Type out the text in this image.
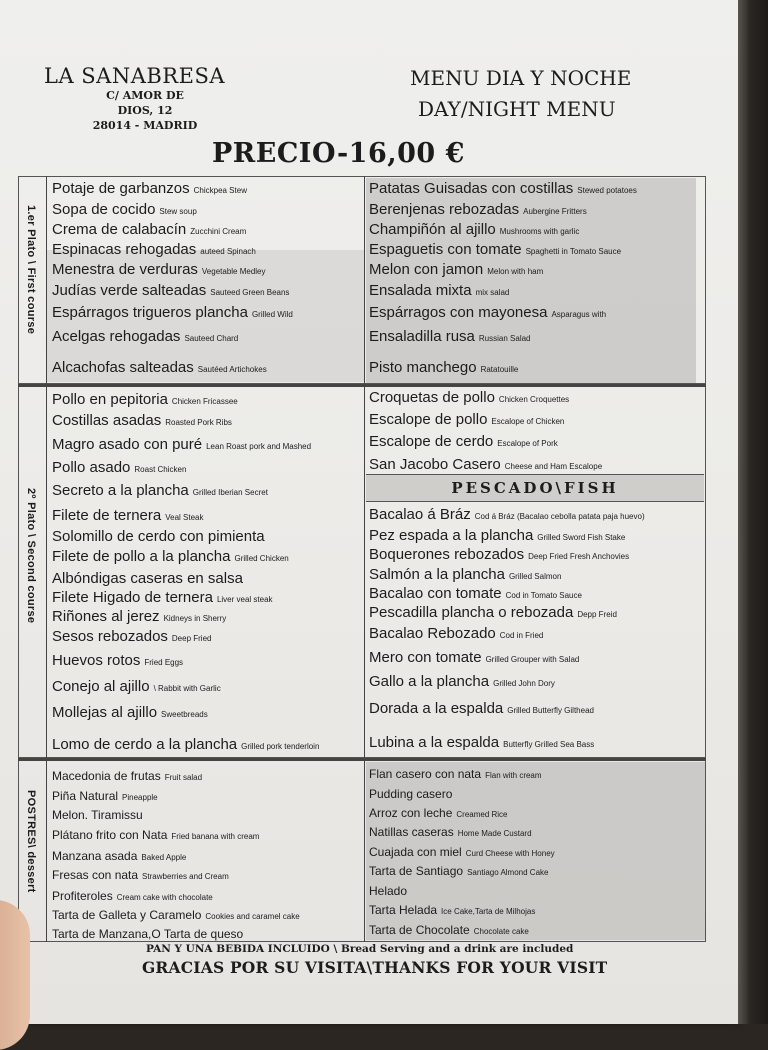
LA SANABRESA
C/ AMOR DE DIOS, 12
28014 - MADRID
MENU DIA Y NOCHE
DAY/NIGHT MENU
PRECIO-16,00 €
1.er Plato \ First course
2º Plato \ Second course
POSTRES\ dessert
PESCADO\FISH
Potaje de garbanzos Chickpea Stew
Sopa de cocido Stew soup
Crema de calabacín Zucchini Cream
Espinacas rehogadas auteed Spinach
Menestra de verduras Vegetable Medley
Judías verde salteadas Sauteed Green Beans
Espárragos trigueros plancha Grilled Wild
Acelgas rehogadas Sauteed Chard
Alcachofas salteadas Sautéed Artichokes
Patatas Guisadas con costillas Stewed potatoes
Berenjenas rebozadas Aubergine Fritters
Champiñón al ajillo Mushrooms with garlic
Espaguetis con tomate Spaghetti in Tomato Sauce
Melon con jamon Melon with ham
Ensalada mixta mix salad
Espárragos con mayonesa Asparagus with
Ensaladilla rusa Russian Salad
Pisto manchego Ratatouille
Pollo en pepitoria Chicken Fricassee
Costillas asadas Roasted Pork Ribs
Magro asado con puré Lean Roast pork and Mashed
Pollo asado Roast Chicken
Secreto a la plancha Grilled Iberian Secret
Filete de ternera Veal Steak
Solomillo de cerdo con pimienta
Filete de pollo a la plancha Grilled Chicken
Albóndigas caseras en salsa
Filete Higado de ternera Liver veal steak
Riñones al jerez Kidneys in Sherry
Sesos rebozados Deep Fried
Huevos rotos Fried Eggs
Conejo al ajillo \ Rabbit with Garlic
Mollejas al ajillo Sweetbreads
Lomo de cerdo a la plancha Grilled pork tenderloin
Croquetas de pollo Chicken Croquettes
Escalope de pollo Escalope of Chicken
Escalope de cerdo Escalope of Pork
San Jacobo Casero Cheese and Ham Escalope
Bacalao á Bráz Cod á Bráz (Bacalao cebolla patata paja huevo)
Pez espada a la plancha Grilled Sword Fish Stake
Boquerones rebozados Deep Fried Fresh Anchovies
Salmón a la plancha Grilled Salmon
Bacalao con tomate Cod in Tomato Sauce
Pescadilla plancha o rebozada Depp Freid
Bacalao Rebozado Cod in Fried
Mero con tomate Grilled Grouper with Salad
Gallo a la plancha Grilled John Dory
Dorada a la espalda Grilled Butterfly Gilthead
Lubina a la espalda Butterfly Grilled Sea Bass
Macedonia de frutas Fruit salad
Piña Natural Pineapple
Melon. Tiramissu
Plátano frito con Nata Fried banana with cream
Manzana asada Baked Apple
Fresas con nata Strawberries and Cream
Profiteroles Cream cake with chocolate
Tarta de Galleta y Caramelo Cookies and caramel cake
Tarta de Manzana,O Tarta de queso
Flan casero con nata Flan with cream
Pudding casero
Arroz con leche Creamed Rice
Natillas caseras Home Made Custard
Cuajada con miel Curd Cheese with Honey
Tarta de Santiago Santiago Almond Cake
Helado
Tarta Helada Ice Cake,Tarta de Milhojas
Tarta de Chocolate Chocolate cake
PAN Y UNA BEBIDA INCLUIDO \ Bread Serving and a drink are included
GRACIAS POR SU VISITA\THANKS FOR YOUR VISIT
